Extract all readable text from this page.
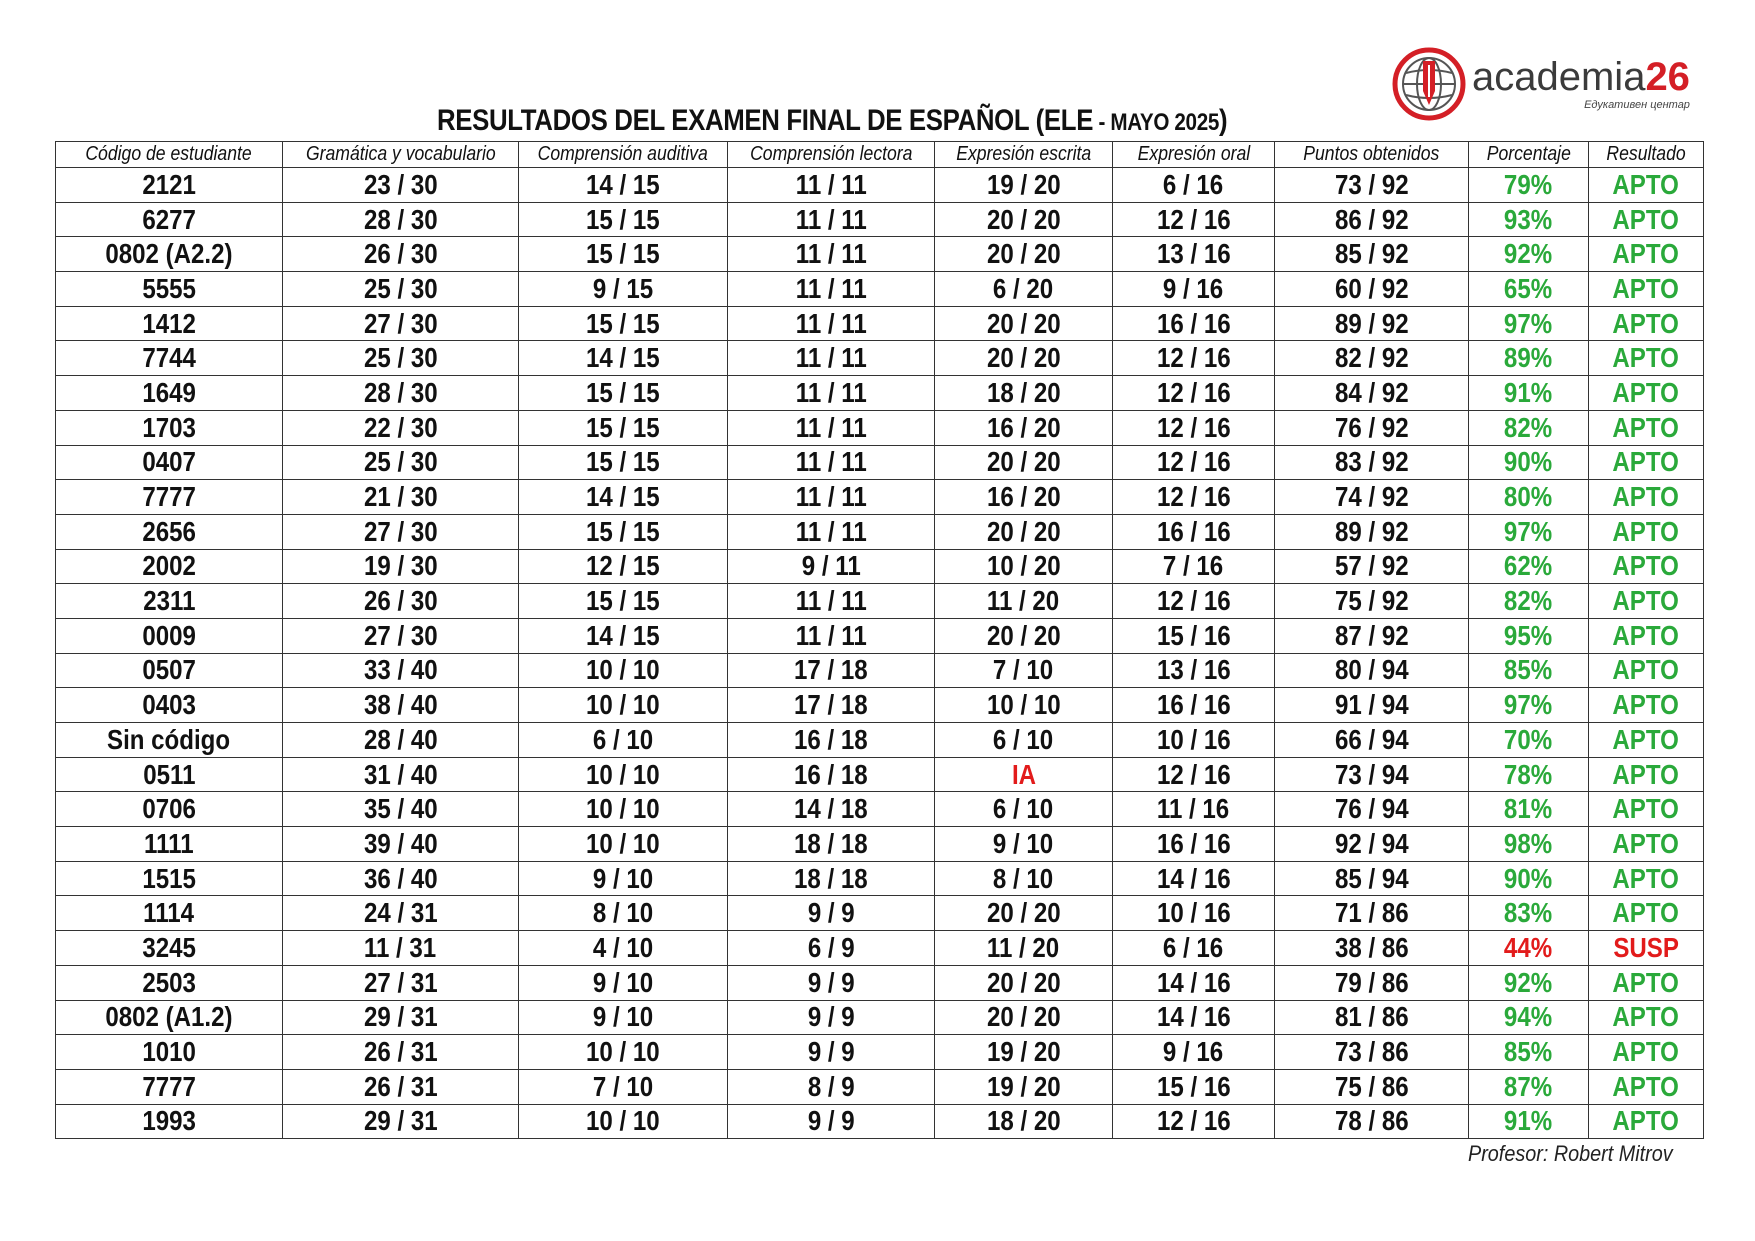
academia26
Едукативен центар
RESULTADOS DEL EXAMEN FINAL DE ESPAÑOL (ELE - MAYO 2025)
Código de estudiante	Gramática y vocabulario	Comprensión auditiva	Comprensión lectora	Expresión escrita	Expresión oral	Puntos obtenidos	Porcentaje	Resultado
2121	23 / 30	14 / 15	11 / 11	19 / 20	6 / 16	73 / 92	79%	APTO
6277	28 / 30	15 / 15	11 / 11	20 / 20	12 / 16	86 / 92	93%	APTO
0802 (A2.2)	26 / 30	15 / 15	11 / 11	20 / 20	13 / 16	85 / 92	92%	APTO
5555	25 / 30	9 / 15	11 / 11	6 / 20	9 / 16	60 / 92	65%	APTO
1412	27 / 30	15 / 15	11 / 11	20 / 20	16 / 16	89 / 92	97%	APTO
7744	25 / 30	14 / 15	11 / 11	20 / 20	12 / 16	82 / 92	89%	APTO
1649	28 / 30	15 / 15	11 / 11	18 / 20	12 / 16	84 / 92	91%	APTO
1703	22 / 30	15 / 15	11 / 11	16 / 20	12 / 16	76 / 92	82%	APTO
0407	25 / 30	15 / 15	11 / 11	20 / 20	12 / 16	83 / 92	90%	APTO
7777	21 / 30	14 / 15	11 / 11	16 / 20	12 / 16	74 / 92	80%	APTO
2656	27 / 30	15 / 15	11 / 11	20 / 20	16 / 16	89 / 92	97%	APTO
2002	19 / 30	12 / 15	9 / 11	10 / 20	7 / 16	57 / 92	62%	APTO
2311	26 / 30	15 / 15	11 / 11	11 / 20	12 / 16	75 / 92	82%	APTO
0009	27 / 30	14 / 15	11 / 11	20 / 20	15 / 16	87 / 92	95%	APTO
0507	33 / 40	10 / 10	17 / 18	7 / 10	13 / 16	80 / 94	85%	APTO
0403	38 / 40	10 / 10	17 / 18	10 / 10	16 / 16	91 / 94	97%	APTO
Sin código	28 / 40	6 / 10	16 / 18	6 / 10	10 / 16	66 / 94	70%	APTO
0511	31 / 40	10 / 10	16 / 18	IA	12 / 16	73 / 94	78%	APTO
0706	35 / 40	10 / 10	14 / 18	6 / 10	11 / 16	76 / 94	81%	APTO
1111	39 / 40	10 / 10	18 / 18	9 / 10	16 / 16	92 / 94	98%	APTO
1515	36 / 40	9 / 10	18 / 18	8 / 10	14 / 16	85 / 94	90%	APTO
1114	24 / 31	8 / 10	9 / 9	20 / 20	10 / 16	71 / 86	83%	APTO
3245	11 / 31	4 / 10	6 / 9	11 / 20	6 / 16	38 / 86	44%	SUSP
2503	27 / 31	9 / 10	9 / 9	20 / 20	14 / 16	79 / 86	92%	APTO
0802 (A1.2)	29 / 31	9 / 10	9 / 9	20 / 20	14 / 16	81 / 86	94%	APTO
1010	26 / 31	10 / 10	9 / 9	19 / 20	9 / 16	73 / 86	85%	APTO
7777	26 / 31	7 / 10	8 / 9	19 / 20	15 / 16	75 / 86	87%	APTO
1993	29 / 31	10 / 10	9 / 9	18 / 20	12 / 16	78 / 86	91%	APTO
Profesor: Robert Mitrov
